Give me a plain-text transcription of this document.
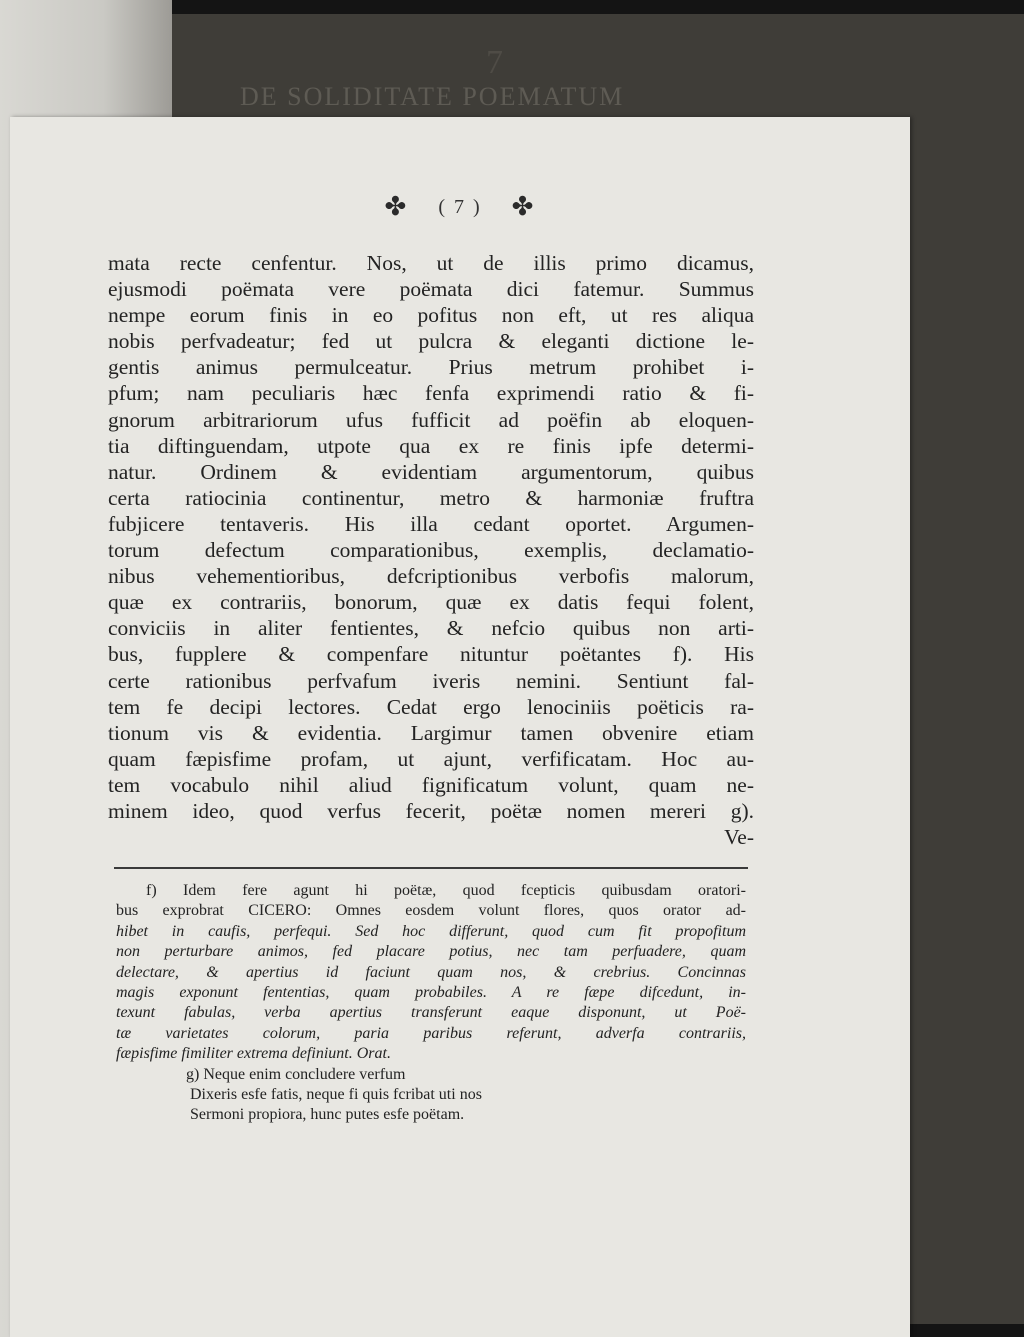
DE SOLIDITATE POEMATUM
7
✤ ( 7 ) ✤
mata recte cenfentur. Nos, ut de illis primo dicamus,
ejusmodi poëmata vere poëmata dici fatemur. Summus
nempe eorum finis in eo pofitus non eft, ut res aliqua
nobis perfvadeatur; fed ut pulcra & eleganti dictione le-
gentis animus permulceatur. Prius metrum prohibet i-
pfum; nam peculiaris hæc fenfa exprimendi ratio & fi-
gnorum arbitrariorum ufus fufficit ad poëfin ab eloquen-
tia diftinguendam, utpote qua ex re finis ipfe determi-
natur. Ordinem & evidentiam argumentorum, quibus
certa ratiocinia continentur, metro & harmoniæ fruftra
fubjicere tentaveris. His illa cedant oportet. Argumen-
torum defectum comparationibus, exemplis, declamatio-
nibus vehementioribus, defcriptionibus verbofis malorum,
quæ ex contrariis, bonorum, quæ ex datis fequi folent,
conviciis in aliter fentientes, & nefcio quibus non arti-
bus, fupplere & compenfare nituntur poëtantes f). His
certe rationibus perfvafum iveris nemini. Sentiunt fal-
tem fe decipi lectores. Cedat ergo lenociniis poëticis ra-
tionum vis & evidentia. Largimur tamen obvenire etiam
quam fæpisfime profam, ut ajunt, verfificatam. Hoc au-
tem vocabulo nihil aliud fignificatum volunt, quam ne-
minem ideo, quod verfus fecerit, poëtæ nomen mereri g).
Ve-
f) Idem fere agunt hi poëtæ, quod fcepticis quibusdam oratori-
bus exprobrat CICERO: Omnes eosdem volunt flores, quos orator ad-
hibet in caufis, perfequi. Sed hoc differunt, quod cum fit propofitum
non perturbare animos, fed placare potius, nec tam perfuadere, quam
delectare, & apertius id faciunt quam nos, & crebrius. Concinnas
magis exponunt fententias, quam probabiles. A re fæpe difcedunt, in-
texunt fabulas, verba apertius transferunt eaque disponunt, ut Poë-
tæ varietates colorum, paria paribus referunt, adverfa contrariis,
fæpisfime fimiliter extrema definiunt. Orat.
g) Neque enim concludere verfum
Dixeris esfe fatis, neque fi quis fcribat uti nos
Sermoni propiora, hunc putes esfe poëtam.
